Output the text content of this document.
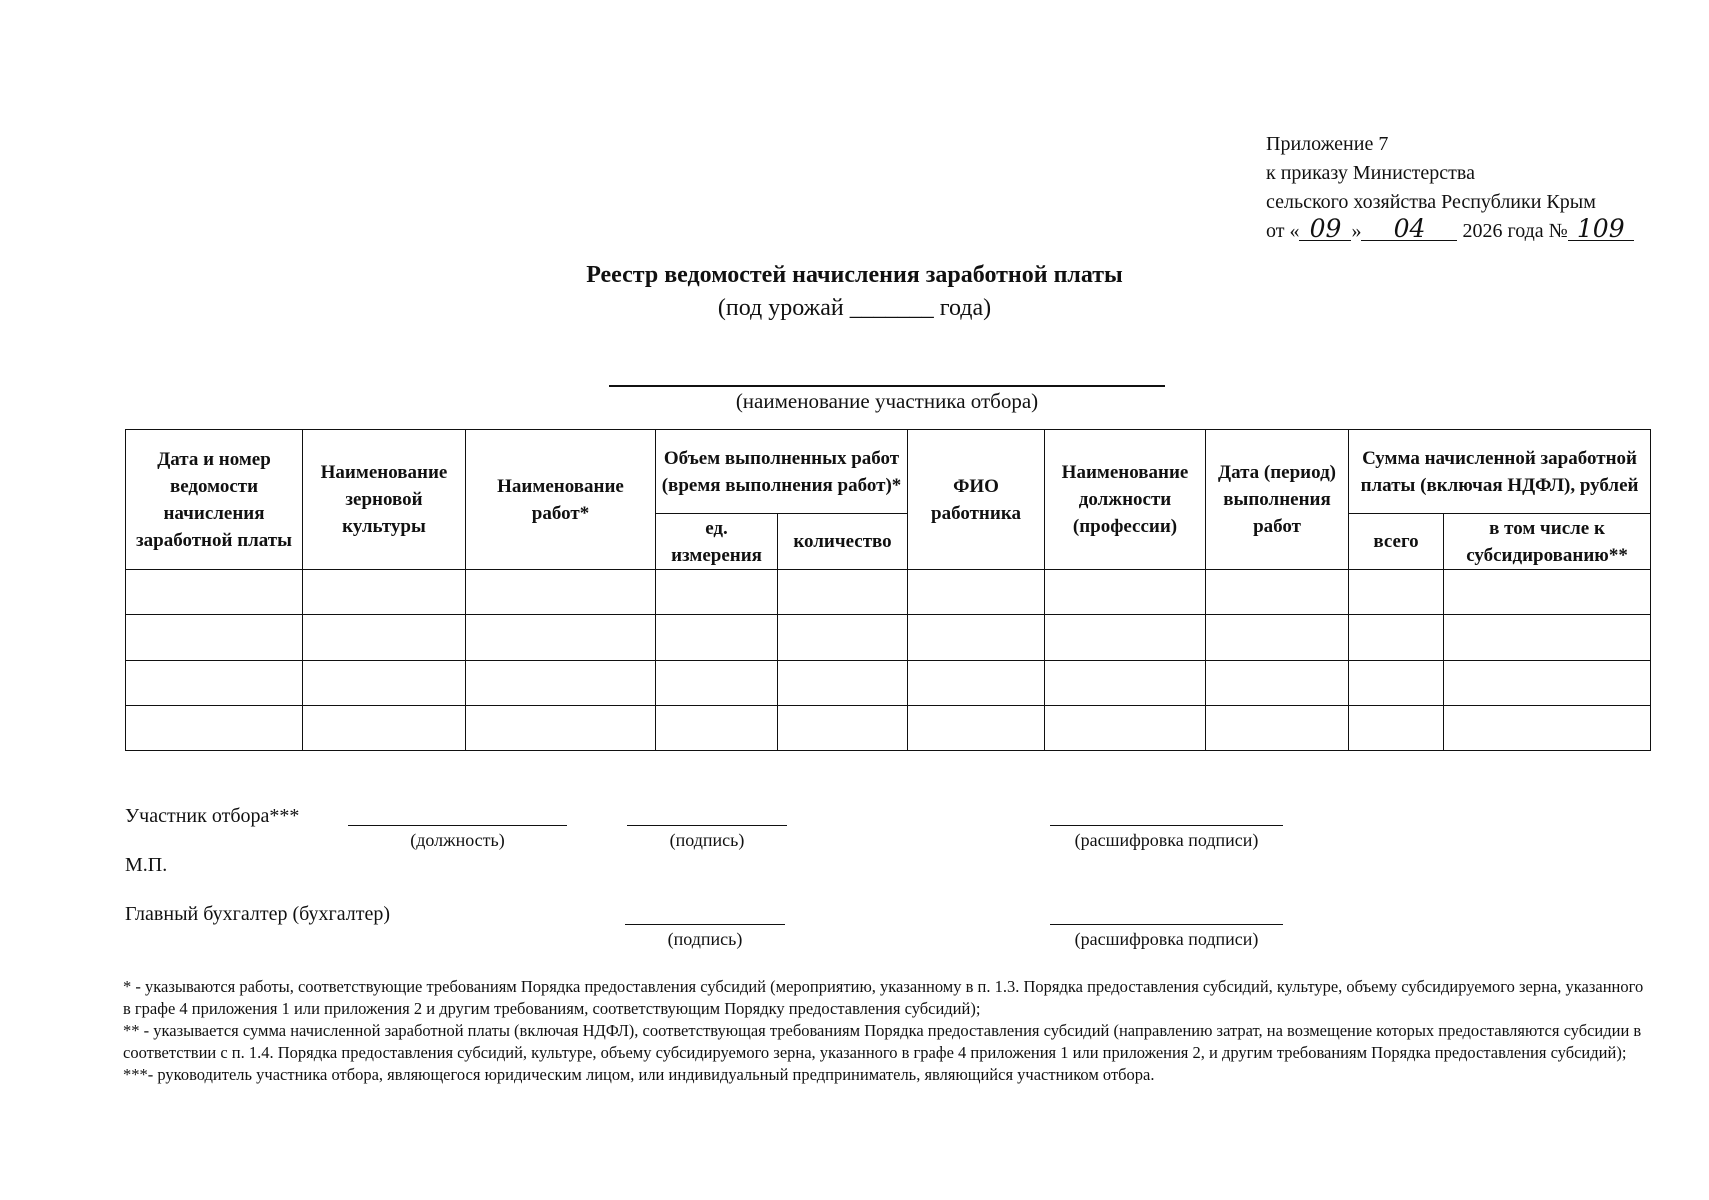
Приложение 7
к приказу Министерства
сельского хозяйства Республики Крым
от « 09 » 04 2026 года № 109
Реестр ведомостей начисления заработной платы
(под урожай _______ года)
(наименование участника отбора)
Дата и номер ведомости начисления заработной платы	Наименование зерновой культуры	Наименование работ*	Объем выполненных работ (время выполнения работ)*		ФИО работника	Наименование должности (профессии)	Дата (период) выполнения работ	Сумма начисленной заработной платы (включая НДФЛ), рублей	
			ед. измерения	количество				всего	в том числе к субсидированию**

Участник отбора***
(должность)	(подпись)	(расшифровка подписи)
М.П.
Главный бухгалтер (бухгалтер)
(подпись)	(расшифровка подписи)

* - указываются работы, соответствующие требованиям Порядка предоставления субсидий (мероприятию, указанному в п. 1.3. Порядка предоставления субсидий, культуре, объему субсидируемого зерна, указанного в графе 4 приложения 1 или приложения 2 и другим требованиям, соответствующим Порядку предоставления субсидий);

** - указывается сумма начисленной заработной платы (включая НДФЛ), соответствующая требованиям Порядка предоставления субсидий (направлению затрат, на возмещение которых предоставляются субсидии в соответствии с п. 1.4. Порядка предоставления субсидий, культуре, объему субсидируемого зерна, указанного в графе 4 приложения 1 или приложения 2, и другим требованиям Порядка предоставления субсидий);

***- руководитель участника отбора, являющегося юридическим лицом, или индивидуальный предприниматель, являющийся участником отбора.
